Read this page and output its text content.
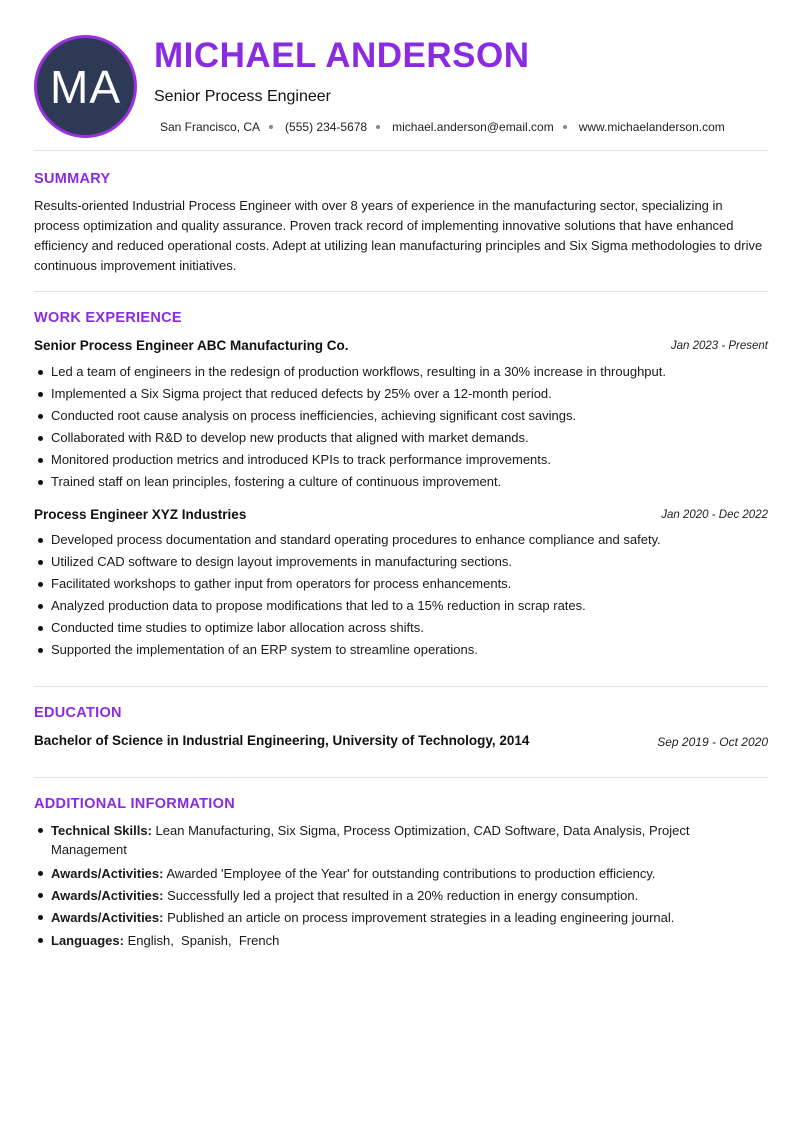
MA
MICHAEL ANDERSON
Senior Process Engineer
San Francisco, CA (555) 234-5678 michael.anderson@email.com www.michaelanderson.com
SUMMARY
Results-oriented Industrial Process Engineer with over 8 years of experience in the manufacturing sector, specializing in process optimization and quality assurance. Proven track record of implementing innovative solutions that have enhanced efficiency and reduced operational costs. Adept at utilizing lean manufacturing principles and Six Sigma methodologies to drive continuous improvement initiatives.
WORK EXPERIENCE
Senior Process Engineer ABC Manufacturing Co.	Jan 2023 - Present
Led a team of engineers in the redesign of production workflows, resulting in a 30% increase in throughput.
Implemented a Six Sigma project that reduced defects by 25% over a 12-month period.
Conducted root cause analysis on process inefficiencies, achieving significant cost savings.
Collaborated with R&D to develop new products that aligned with market demands.
Monitored production metrics and introduced KPIs to track performance improvements.
Trained staff on lean principles, fostering a culture of continuous improvement.
Process Engineer XYZ Industries	Jan 2020 - Dec 2022
Developed process documentation and standard operating procedures to enhance compliance and safety.
Utilized CAD software to design layout improvements in manufacturing sections.
Facilitated workshops to gather input from operators for process enhancements.
Analyzed production data to propose modifications that led to a 15% reduction in scrap rates.
Conducted time studies to optimize labor allocation across shifts.
Supported the implementation of an ERP system to streamline operations.
EDUCATION
Bachelor of Science in Industrial Engineering, University of Technology, 2014	Sep 2019 - Oct 2020
ADDITIONAL INFORMATION
Technical Skills: Lean Manufacturing, Six Sigma, Process Optimization, CAD Software, Data Analysis, Project Management
Awards/Activities: Awarded 'Employee of the Year' for outstanding contributions to production efficiency.
Awards/Activities: Successfully led a project that resulted in a 20% reduction in energy consumption.
Awards/Activities: Published an article on process improvement strategies in a leading engineering journal.
Languages: English,  Spanish,  French
